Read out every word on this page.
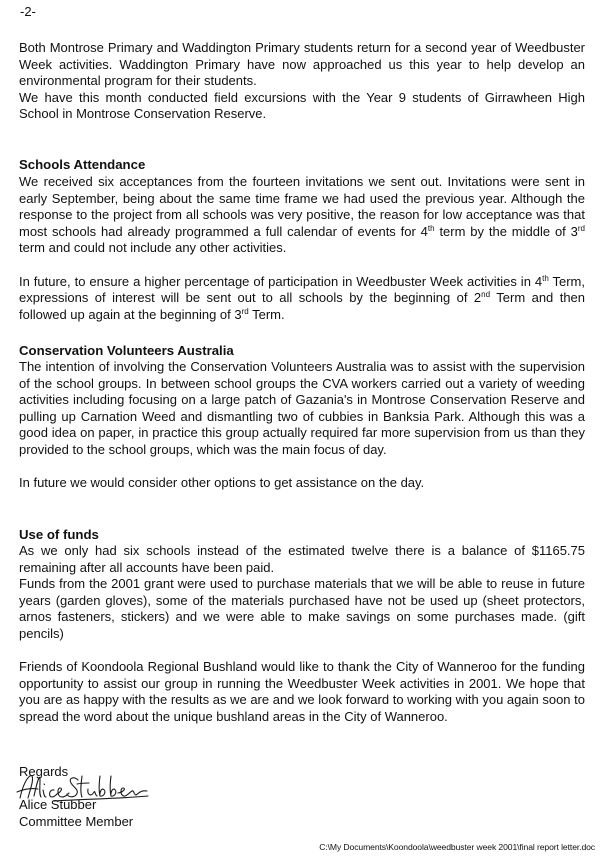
-2-

Both Montrose Primary and Waddington Primary students return for a second year of Weedbuster Week activities. Waddington Primary have now approached us this year to help develop an environmental program for their students.

We have this month conducted field excursions with the Year 9 students of Girrawheen High School in Montrose Conservation Reserve.

Schools Attendance

We received six acceptances from the fourteen invitations we sent out. Invitations were sent in early September, being about the same time frame we had used the previous year. Although the response to the project from all schools was very positive, the reason for low acceptance was that most schools had already programmed a full calendar of events for 4th term by the middle of 3rd term and could not include any other activities.

In future, to ensure a higher percentage of participation in Weedbuster Week activities in 4th Term, expressions of interest will be sent out to all schools by the beginning of 2nd Term and then followed up again at the beginning of 3rd Term.

Conservation Volunteers Australia

The intention of involving the Conservation Volunteers Australia was to assist with the supervision of the school groups. In between school groups the CVA workers carried out a variety of weeding activities including focusing on a large patch of Gazania's in Montrose Conservation Reserve and pulling up Carnation Weed and dismantling two of cubbies in Banksia Park. Although this was a good idea on paper, in practice this group actually required far more supervision from us than they provided to the school groups, which was the main focus of day.

In future we would consider other options to get assistance on the day.

Use of funds

As we only had six schools instead of the estimated twelve there is a balance of $1165.75 remaining after all accounts have been paid.

Funds from the 2001 grant were used to purchase materials that we will be able to reuse in future years (garden gloves), some of the materials purchased have not be used up (sheet protectors, arnos fasteners, stickers) and we were able to make savings on some purchases made. (gift pencils)

Friends of Koondoola Regional Bushland would like to thank the City of Wanneroo for the funding opportunity to assist our group in running the Weedbuster Week activities in 2001. We hope that you are as happy with the results as we are and we look forward to working with you again soon to spread the word about the unique bushland areas in the City of Wanneroo.

Regards
Alice Stubber
Committee Member
C:\My Documents\Koondoola\weedbuster week 2001\final report letter.doc
